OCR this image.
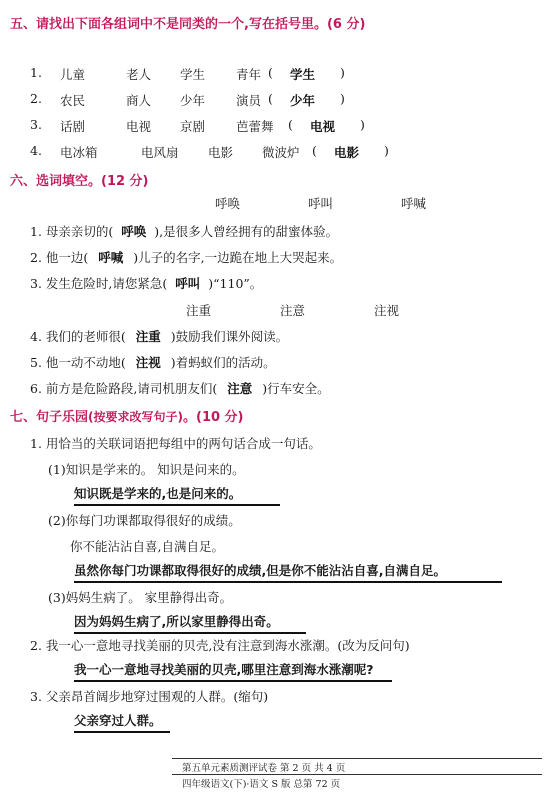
五、请找出下面各组词中不是同类的一个,写在括号里。(6 分)
1. 儿童	老人 学生 青年 ( 学生 )
2. 农民	商人 少年 演员 ( 少年 )
3. 话剧	电视 京剧 芭蕾舞 ( 电视 )
4. 电冰箱	电风扇 电影 微波炉 ( 电影 )
六、选词填空。(12 分)
呼唤	呼叫	呼喊
1. 母亲亲切的( 呼唤 ),是很多人曾经拥有的甜蜜体验。
2. 他一边( 呼喊 )儿子的名字,一边跪在地上大哭起来。
3. 发生危险时,请您紧急( 呼叫 )“110”。
注重	注意	注视
4. 我们的老师很( 注重 )鼓励我们课外阅读。
5. 他一动不动地( 注视 )着蚂蚁们的活动。
6. 前方是危险路段,请司机朋友们( 注意 )行车安全。
七、句子乐园(按要求改写句子)。(10 分)
1. 用恰当的关联词语把每组中的两句话合成一句话。
(1)知识是学来的。 知识是问来的。
知识既是学来的,也是问来的。
(2)你每门功课都取得很好的成绩。
你不能沾沾自喜,自满自足。
虽然你每门功课都取得很好的成绩,但是你不能沾沾自喜,自满自足。
(3)妈妈生病了。 家里静得出奇。
因为妈妈生病了,所以家里静得出奇。
2. 我一心一意地寻找美丽的贝壳,没有注意到海水涨潮。(改为反问句)
我一心一意地寻找美丽的贝壳,哪里注意到海水涨潮呢?
3. 父亲昂首阔步地穿过围观的人群。(缩句)
父亲穿过人群。
第五单元素质测评试卷 第 2 页 共 4 页
四年级语文(下)·语文 S 版 总第 72 页
